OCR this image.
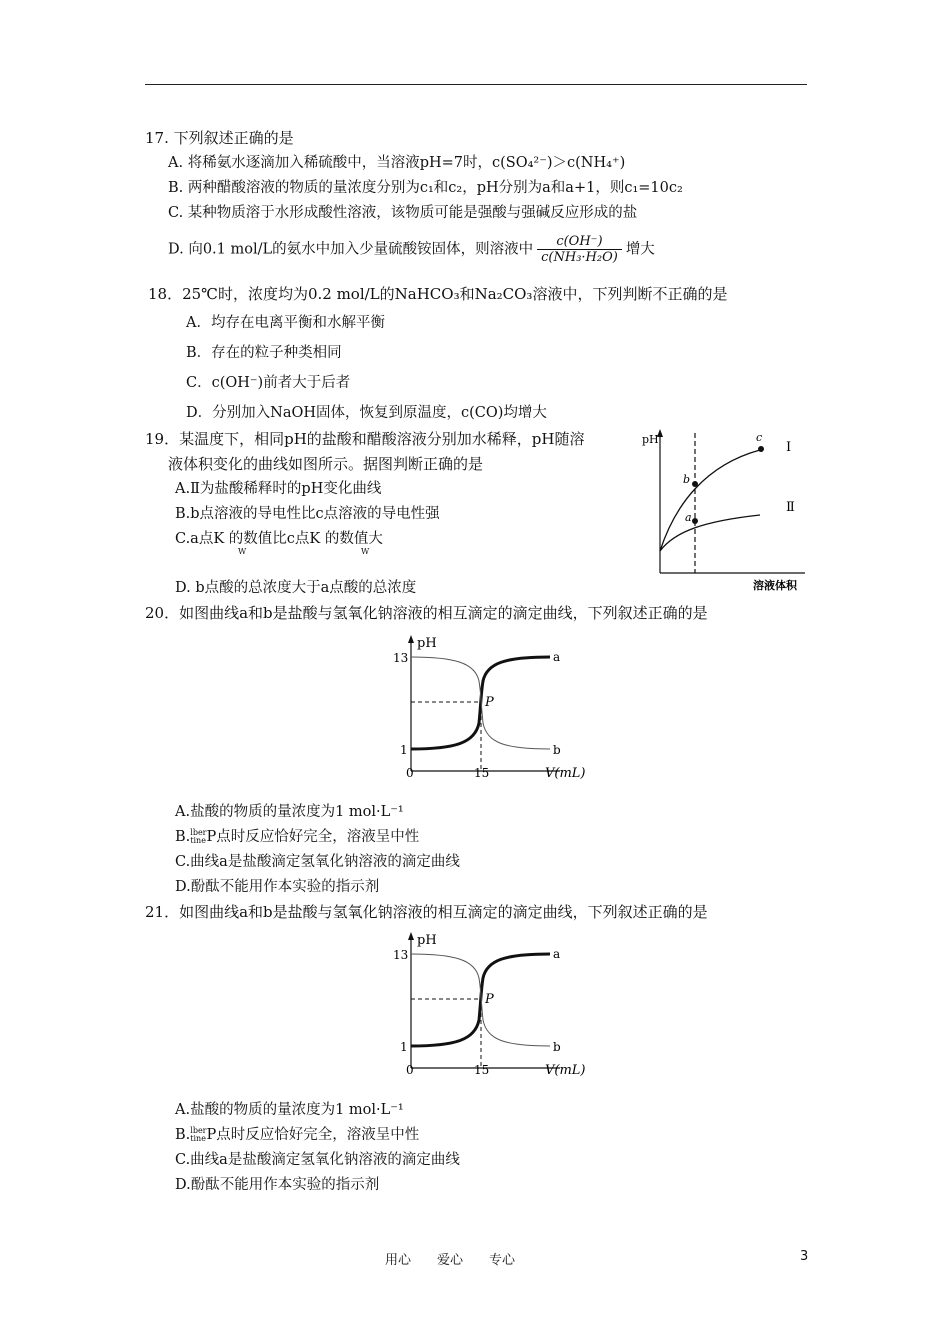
17. 下列叙述正确的是
A. 将稀氨水逐滴加入稀硫酸中，当溶液pH=7时，c(SO₄²⁻)＞c(NH₄⁺)
B. 两种醋酸溶液的物质的量浓度分别为c₁和c₂，pH分别为a和a+1，则c₁=10c₂
C. 某种物质溶于水形成酸性溶液，该物质可能是强酸与强碱反应形成的盐
D. 向0.1 mol/L的氨水中加入少量硫酸铵固体，则溶液中 $\frac{c(OH^-)}{\text{c(NH₃·H₂O)}}$ 增大
18．25℃时，浓度均为0.2 mol/L的NaHCO₃和Na₂CO₃溶液中，下列判断不正确的是
A．均存在电离平衡和水解平衡
B．存在的粒子种类相同
C．c(OH⁻)前者大于后者
D．分别加入NaOH固体，恢复到原温度，c(CO)均增大
19．某温度下，相同pH的盐酸和醋酸溶液分别加水稀释，pH随溶
液体积变化的曲线如图所示。据图判断正确的是
A.Ⅱ为盐酸稀释时的pH变化曲线
B.b点溶液的导电性比c点溶液的导电性强
C.a点K 的数值比c点K 的数值大
W	W
D. b点酸的总浓度大于a点酸的总浓度
pH
溶液体积
b
a
c
Ⅰ
Ⅱ
20．如图曲线a和b是盐酸与氢氧化钠溶液的相互滴定的滴定曲线，下列叙述正确的是
pH
13
1
0	15	V(mL)
a
b
P
A.盐酸的物质的量浓度为1 mol·L⁻¹
B. lber
tine P点时反应恰好完全，溶液呈中性
C.曲线a是盐酸滴定氢氧化钠溶液的滴定曲线
D.酚酞不能用作本实验的指示剂
21．如图曲线a和b是盐酸与氢氧化钠溶液的相互滴定的滴定曲线，下列叙述正确的是
pH
13
1
0	15	V(mL)
a
b
P
A.盐酸的物质的量浓度为1 mol·L⁻¹
B. lber
tine P点时反应恰好完全，溶液呈中性
C.曲线a是盐酸滴定氢氧化钠溶液的滴定曲线
D.酚酞不能用作本实验的指示剂
用心 爱心 专心	3
